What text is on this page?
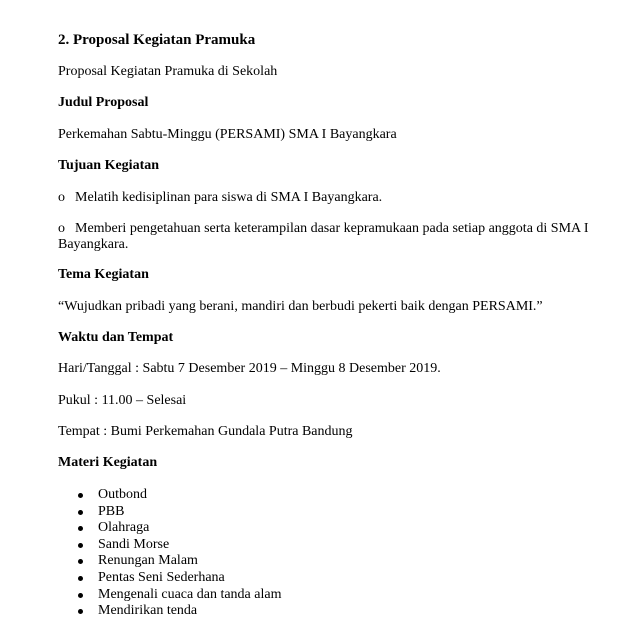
2. Proposal Kegiatan Pramuka
Proposal Kegiatan Pramuka di Sekolah
Judul Proposal
Perkemahan Sabtu-Minggu (PERSAMI) SMA I Bayangkara
Tujuan Kegiatan
o Melatih kedisiplinan para siswa di SMA I Bayangkara.
o Memberi pengetahuan serta keterampilan dasar kepramukaan pada setiap anggota di SMA I Bayangkara.
Tema Kegiatan
“Wujudkan pribadi yang berani, mandiri dan berbudi pekerti baik dengan PERSAMI.”
Waktu dan Tempat
Hari/Tanggal : Sabtu 7 Desember 2019 – Minggu 8 Desember 2019.
Pukul : 11.00 – Selesai
Tempat : Bumi Perkemahan Gundala Putra Bandung
Materi Kegiatan
Outbond
PBB
Olahraga
Sandi Morse
Renungan Malam
Pentas Seni Sederhana
Mengenali cuaca dan tanda alam
Mendirikan tenda
